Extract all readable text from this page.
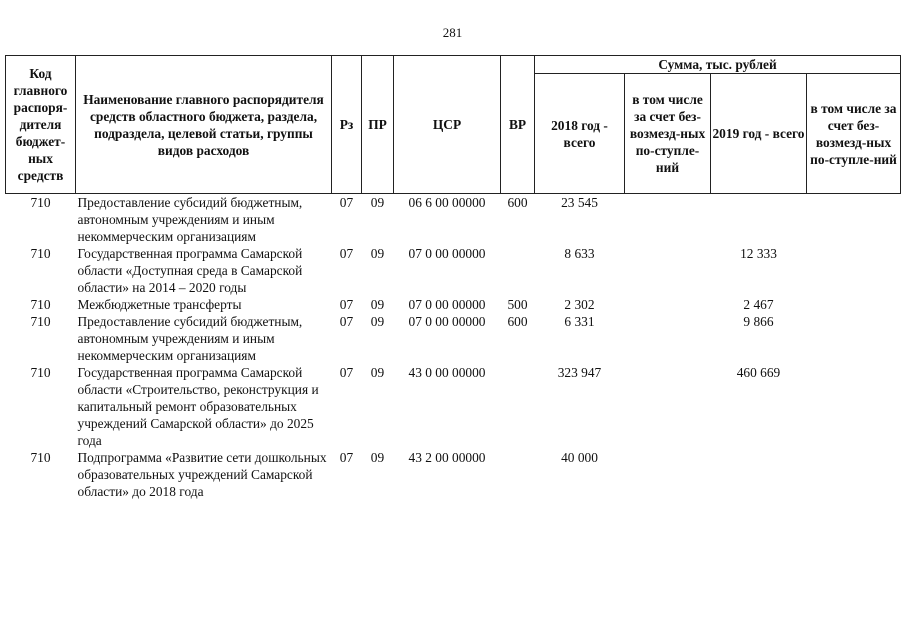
281
Код главного распоря-дителя бюджет-ных средств	Наименование главного распорядителя средств областного бюджета, раздела, подраздела, целевой статьи, группы видов расходов	Рз	ПР	ЦСР	ВР	Сумма, тыс. рублей			
						2018 год - всего	в том числе за счет без-возмезд-ных по-ступле-ний	2019 год - всего	в том числе за счет без-возмезд-ных по-ступле-ний
710	Предоставление субсидий бюджетным, автономным учреждениям и иным некоммерческим организациям	07	09	06 6 00 00000	600	23 545			
710	Государственная программа Самарской области «Доступная среда в Самарской области» на 2014 – 2020 годы	07	09	07 0 00 00000		8 633		12 333	
710	Межбюджетные трансферты	07	09	07 0 00 00000	500	2 302		2 467	
710	Предоставление субсидий бюджетным, автономным учреждениям и иным некоммерческим организациям	07	09	07 0 00 00000	600	6 331		9 866	
710	Государственная программа Самарской области «Строительство, реконструкция и капитальный ремонт образовательных учреждений Самарской области» до 2025 года	07	09	43 0 00 00000		323 947		460 669	
710	Подпрограмма «Развитие сети дошкольных образовательных учреждений Самарской области» до 2018 года	07	09	43 2 00 00000		40 000			
